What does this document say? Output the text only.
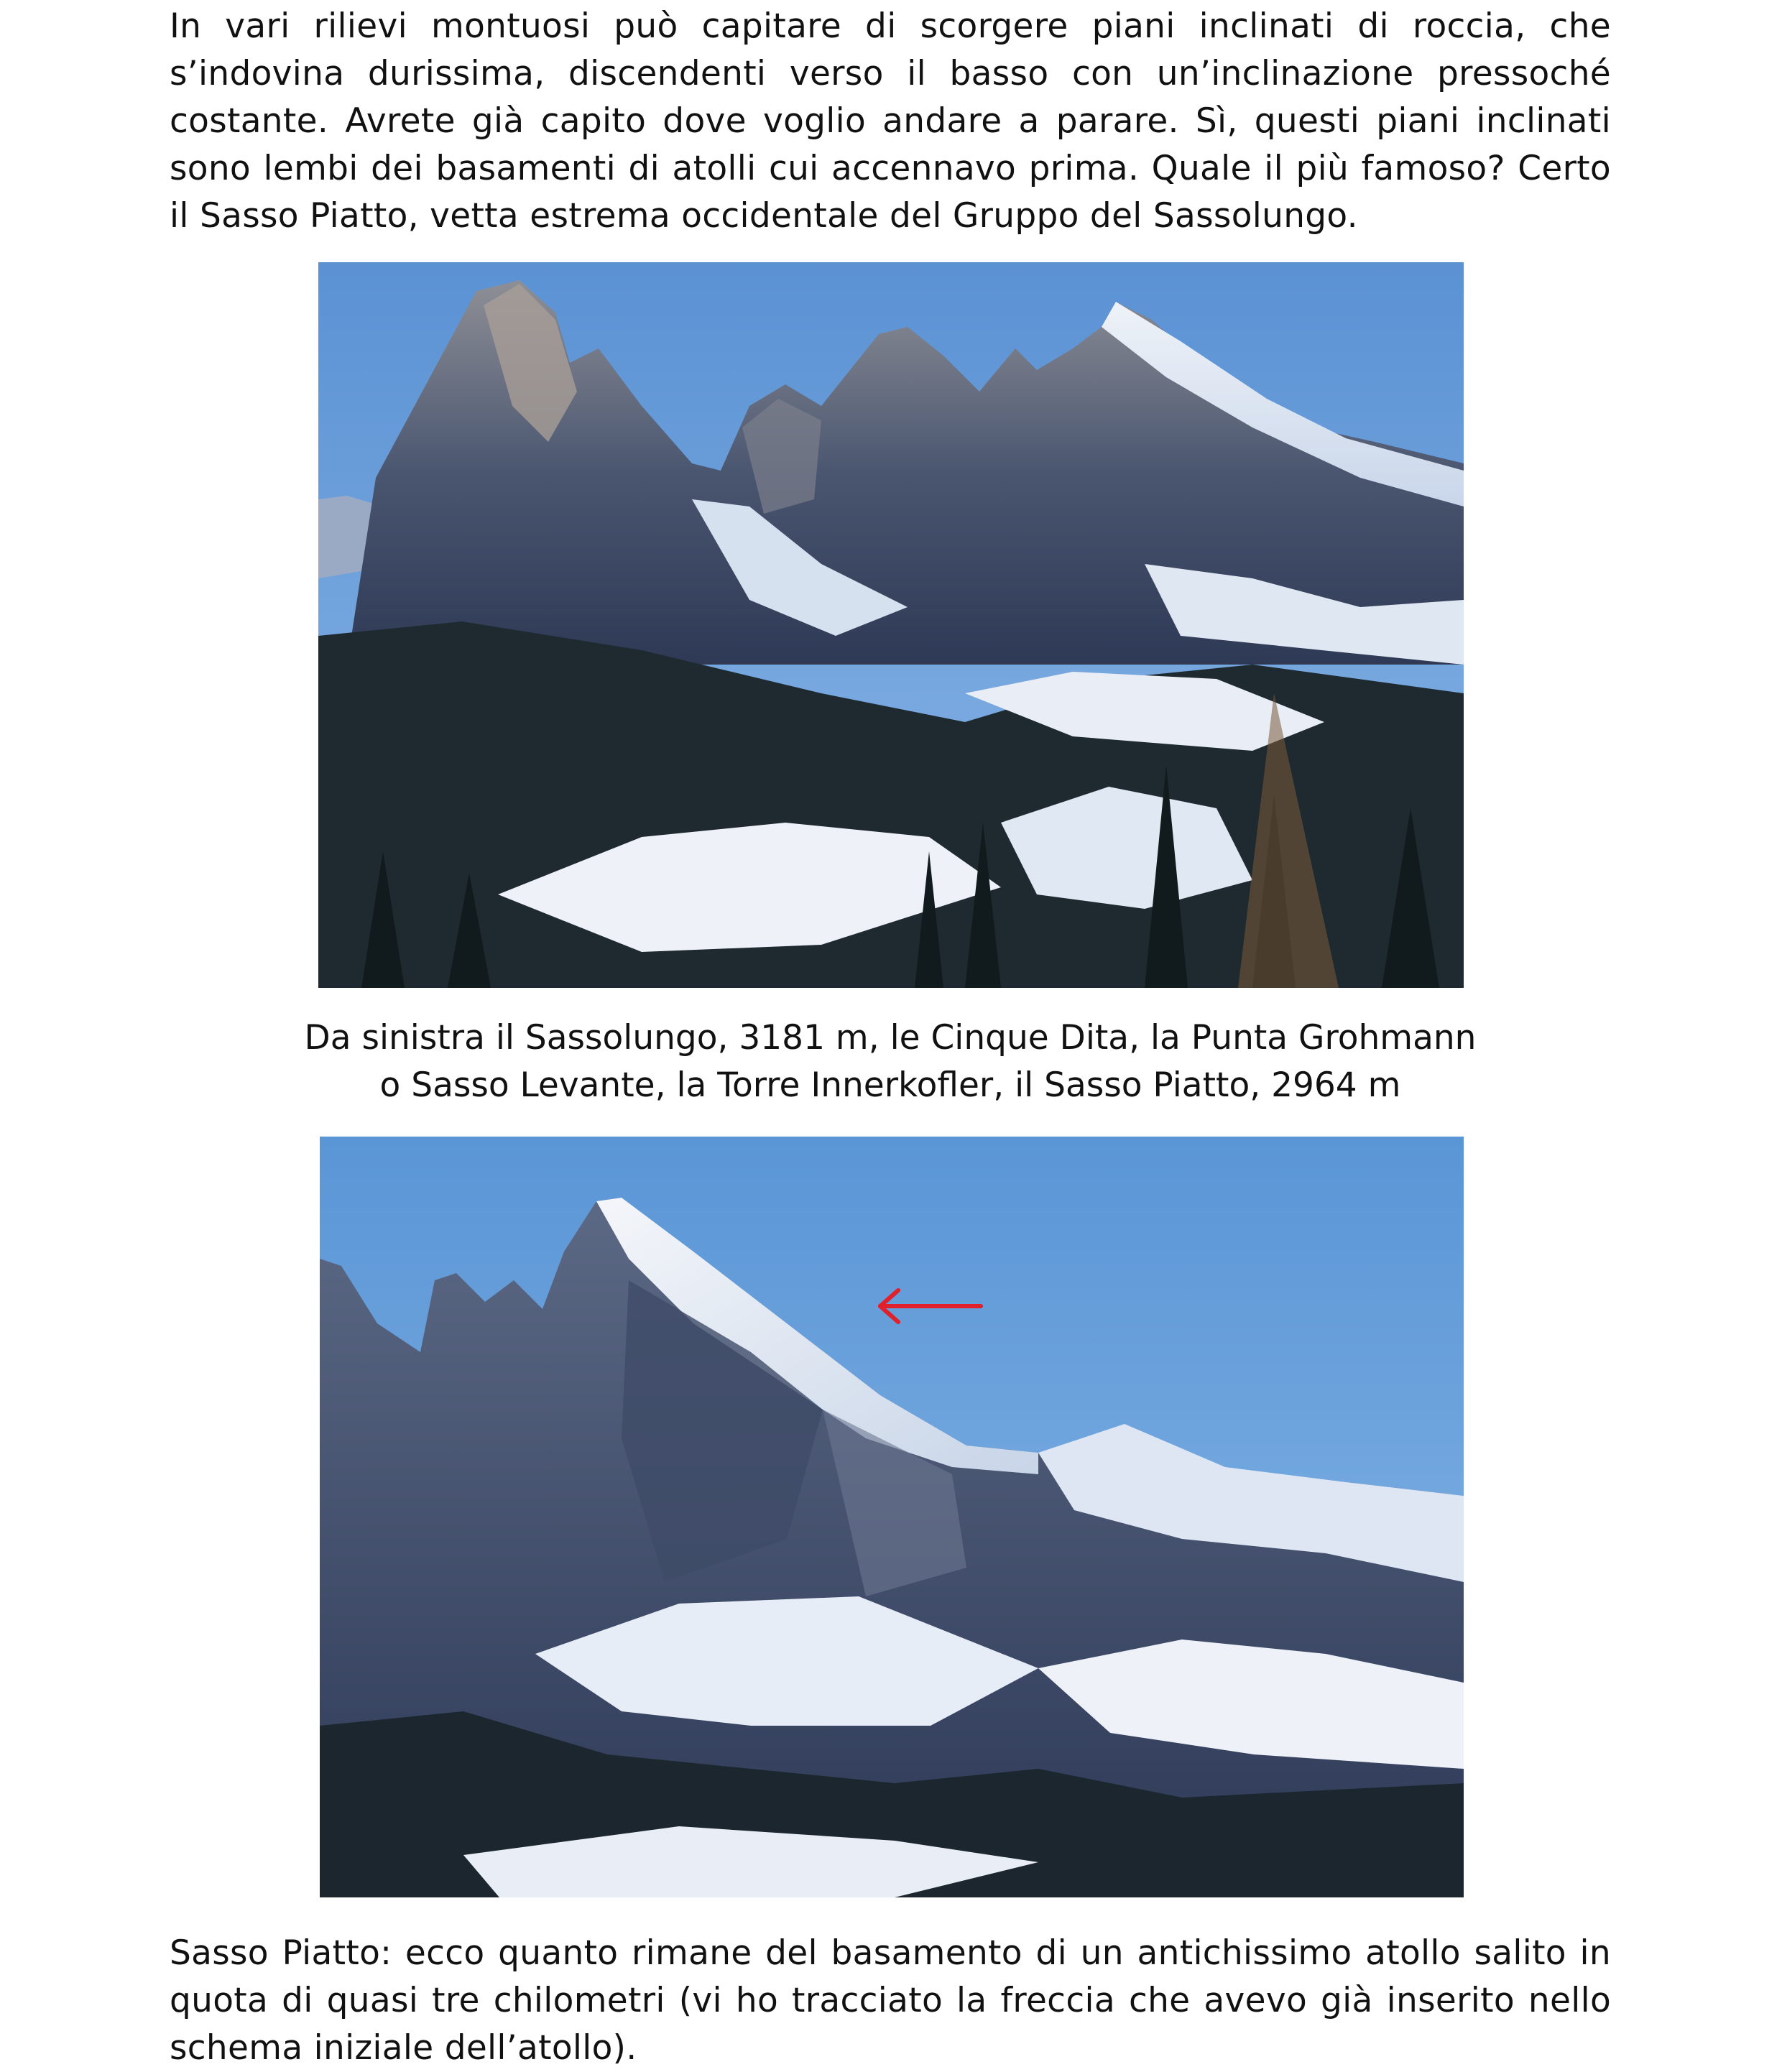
In vari rilievi montuosi può capitare di scorgere piani inclinati di roccia, che s’indovina durissima, discendenti verso il basso con un’inclinazione pressoché costante. Avrete già capito dove voglio andare a parare. Sì, questi piani inclinati sono lembi dei basamenti di atolli cui accennavo prima. Quale il più famoso? Certo il Sasso Piatto, vetta estrema occidentale del Gruppo del Sassolungo.
Da sinistra il Sassolungo, 3181 m, le Cinque Dita, la Punta Grohmann
o Sasso Levante, la Torre Innerkofler, il Sasso Piatto, 2964 m
Sasso Piatto: ecco quanto rimane del basamento di un antichissimo atollo salito in quota di quasi tre chilometri (vi ho tracciato la freccia che avevo già inserito nello schema iniziale dell’atollo).
